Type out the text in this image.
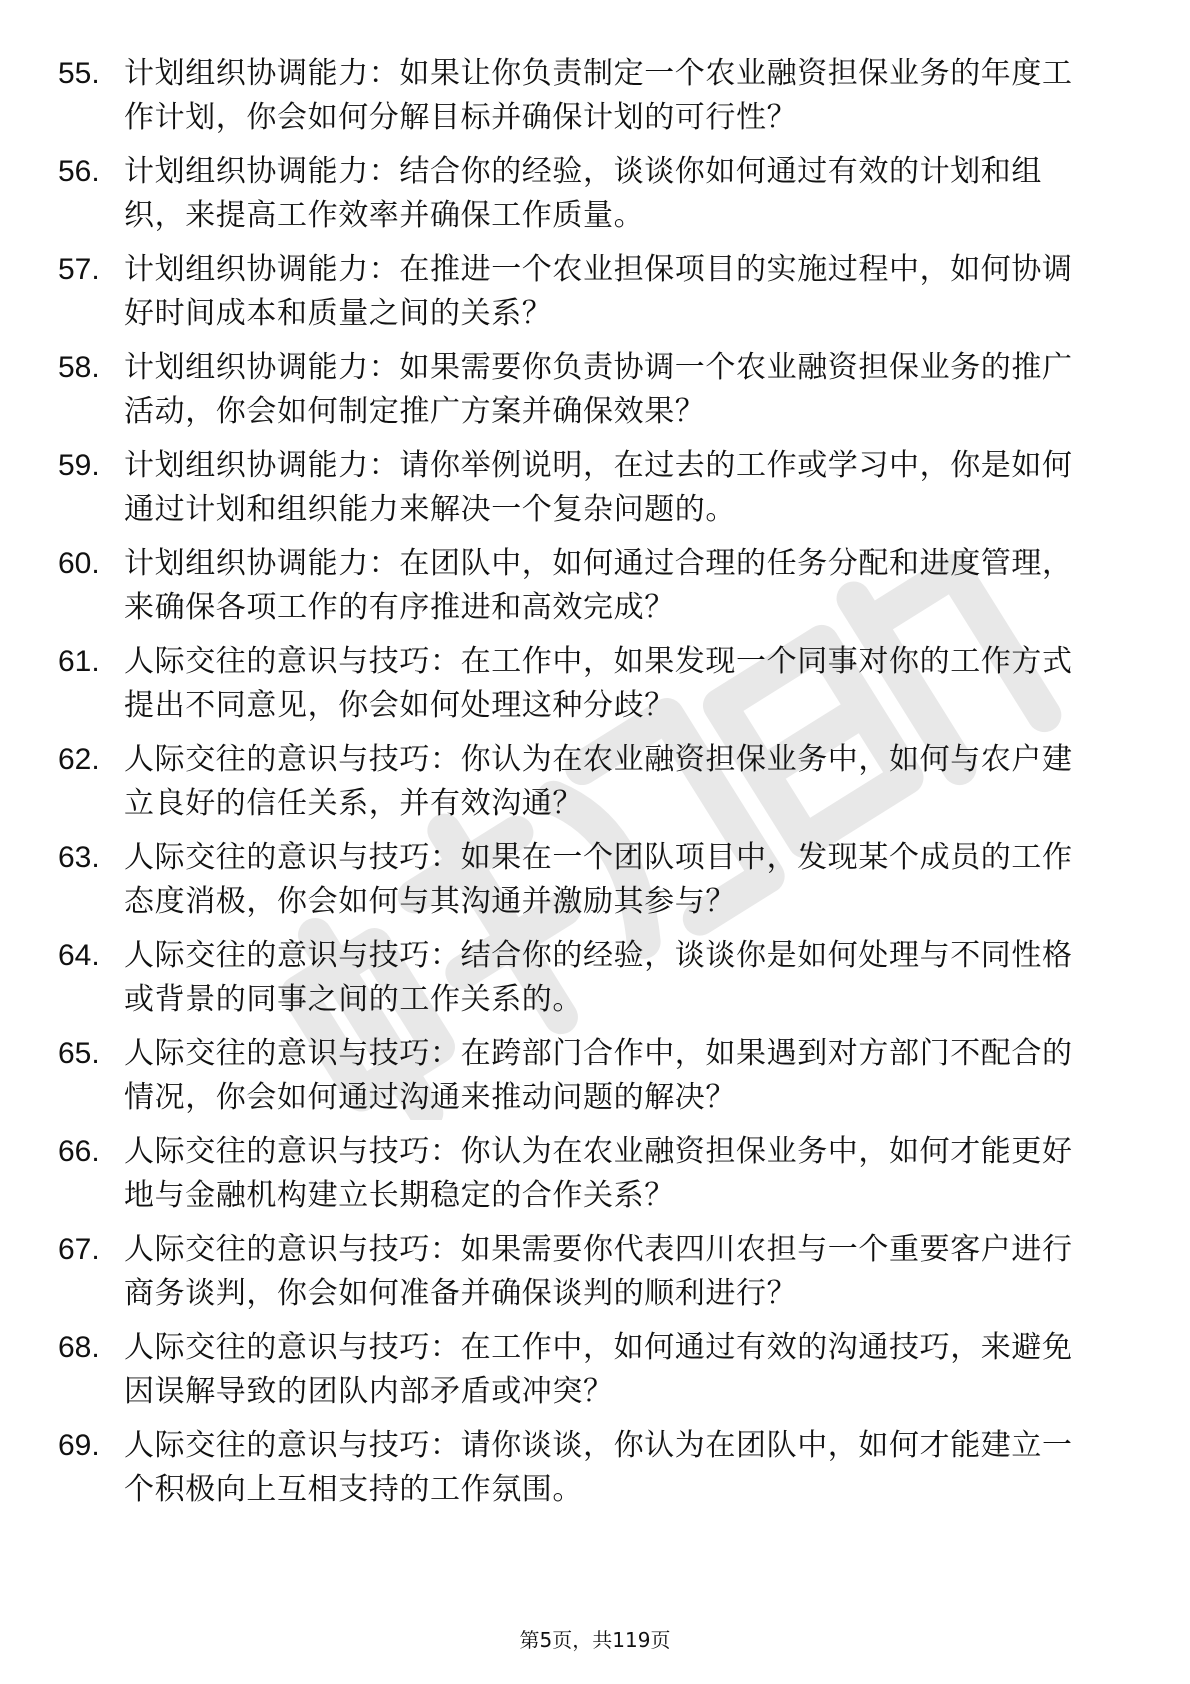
55. 计划组织协调能力：如果让你负责制定一个农业融资担保业务的年度工作计划，你会如何分解目标并确保计划的可行性？
56. 计划组织协调能力：结合你的经验，谈谈你如何通过有效的计划和组织，来提高工作效率并确保工作质量。
57. 计划组织协调能力：在推进一个农业担保项目的实施过程中，如何协调好时间成本和质量之间的关系？
58. 计划组织协调能力：如果需要你负责协调一个农业融资担保业务的推广活动，你会如何制定推广方案并确保效果？
59. 计划组织协调能力：请你举例说明，在过去的工作或学习中，你是如何通过计划和组织能力来解决一个复杂问题的。
60. 计划组织协调能力：在团队中，如何通过合理的任务分配和进度管理，来确保各项工作的有序推进和高效完成？
61. 人际交往的意识与技巧：在工作中，如果发现一个同事对你的工作方式提出不同意见，你会如何处理这种分歧？
62. 人际交往的意识与技巧：你认为在农业融资担保业务中，如何与农户建立良好的信任关系，并有效沟通？
63. 人际交往的意识与技巧：如果在一个团队项目中，发现某个成员的工作态度消极，你会如何与其沟通并激励其参与？
64. 人际交往的意识与技巧：结合你的经验，谈谈你是如何处理与不同性格或背景的同事之间的工作关系的。
65. 人际交往的意识与技巧：在跨部门合作中，如果遇到对方部门不配合的情况，你会如何通过沟通来推动问题的解决？
66. 人际交往的意识与技巧：你认为在农业融资担保业务中，如何才能更好地与金融机构建立长期稳定的合作关系？
67. 人际交往的意识与技巧：如果需要你代表四川农担与一个重要客户进行商务谈判，你会如何准备并确保谈判的顺利进行？
68. 人际交往的意识与技巧：在工作中，如何通过有效的沟通技巧，来避免因误解导致的团队内部矛盾或冲突？
69. 人际交往的意识与技巧：请你谈谈，你认为在团队中，如何才能建立一个积极向上互相支持的工作氛围。
第5页，共119页
